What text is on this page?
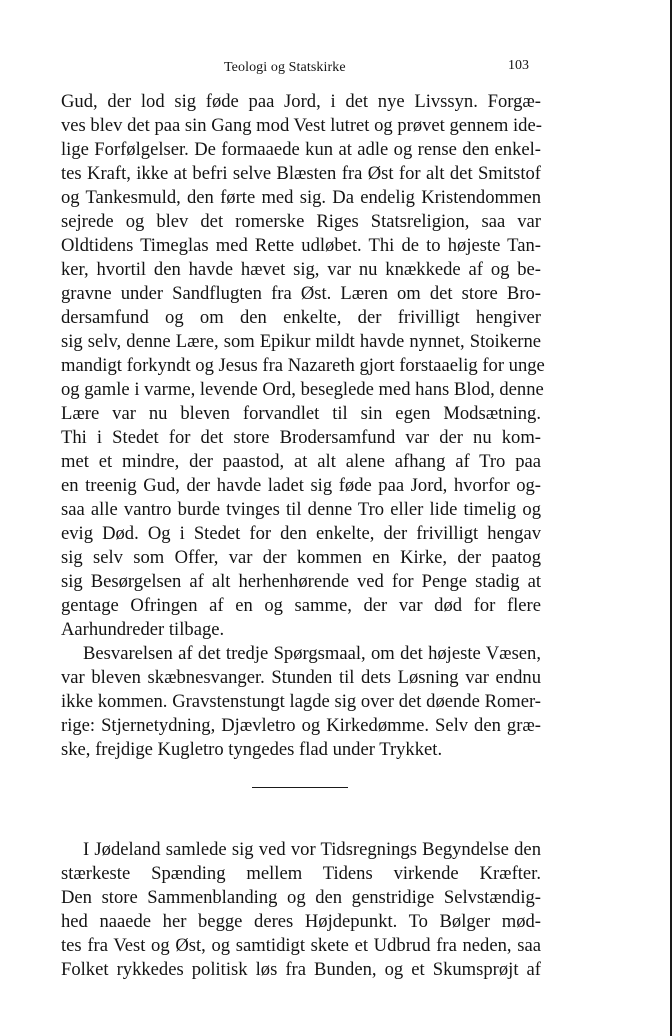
Teologi og Statskirke	103
Gud, der lod sig føde paa Jord, i det nye Livssyn. Forgæ-
ves blev det paa sin Gang mod Vest lutret og prøvet gennem ide-
lige Forfølgelser. De formaaede kun at adle og rense den enkel-
tes Kraft, ikke at befri selve Blæsten fra Øst for alt det Smitstof
og Tankesmuld, den førte med sig. Da endelig Kristendommen
sejrede og blev det romerske Riges Statsreligion, saa var
Oldtidens Timeglas med Rette udløbet. Thi de to højeste Tan-
ker, hvortil den havde hævet sig, var nu knækkede af og be-
gravne under Sandflugten fra Øst. Læren om det store Bro-
dersamfund og om den enkelte, der frivilligt hengiver
sig selv, denne Lære, som Epikur mildt havde nynnet, Stoikerne
mandigt forkyndt og Jesus fra Nazareth gjort forstaaelig for unge
og gamle i varme, levende Ord, beseglede med hans Blod, denne
Lære var nu bleven forvandlet til sin egen Modsætning.
Thi i Stedet for det store Brodersamfund var der nu kom-
met et mindre, der paastod, at alt alene afhang af Tro paa
en treenig Gud, der havde ladet sig føde paa Jord, hvorfor og-
saa alle vantro burde tvinges til denne Tro eller lide timelig og
evig Død. Og i Stedet for den enkelte, der frivilligt hengav
sig selv som Offer, var der kommen en Kirke, der paatog
sig Besørgelsen af alt herhenhørende ved for Penge stadig at
gentage Ofringen af en og samme, der var død for flere
Aarhundreder tilbage.
Besvarelsen af det tredje Spørgsmaal, om det højeste Væsen,
var bleven skæbnesvanger. Stunden til dets Løsning var endnu
ikke kommen. Gravstenstungt lagde sig over det døende Romer-
rige: Stjernetydning, Djævletro og Kirkedømme. Selv den græ-
ske, frejdige Kugletro tyngedes flad under Trykket.
I Jødeland samlede sig ved vor Tidsregnings Begyndelse den
stærkeste Spænding mellem Tidens virkende Kræfter.
Den store Sammenblanding og den genstridige Selvstændig-
hed naaede her begge deres Højdepunkt. To Bølger mød-
tes fra Vest og Øst, og samtidigt skete et Udbrud fra neden, saa
Folket rykkedes politisk løs fra Bunden, og et Skumsprøjt af
